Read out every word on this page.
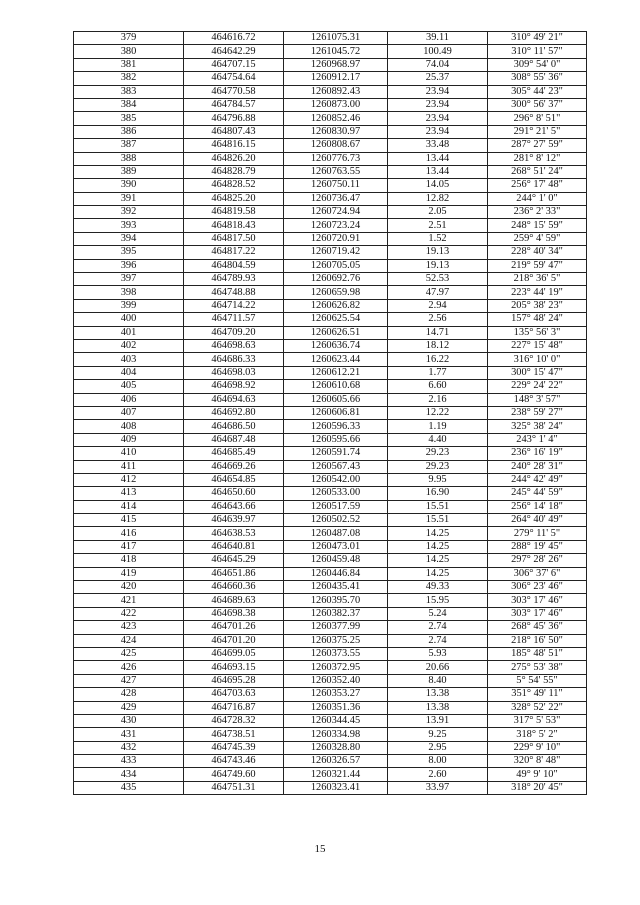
379	464616.72	1261075.31	39.11	310° 49' 21"
380	464642.29	1261045.72	100.49	310° 11' 57"
381	464707.15	1260968.97	74.04	309° 54' 0"
382	464754.64	1260912.17	25.37	308° 55' 36"
383	464770.58	1260892.43	23.94	305° 44' 23"
384	464784.57	1260873.00	23.94	300° 56' 37"
385	464796.88	1260852.46	23.94	296° 8' 51"
386	464807.43	1260830.97	23.94	291° 21' 5"
387	464816.15	1260808.67	33.48	287° 27' 59"
388	464826.20	1260776.73	13.44	281° 8' 12"
389	464828.79	1260763.55	13.44	268° 51' 24"
390	464828.52	1260750.11	14.05	256° 17' 48"
391	464825.20	1260736.47	12.82	244° 1' 0"
392	464819.58	1260724.94	2.05	236° 2' 33"
393	464818.43	1260723.24	2.51	248° 15' 59"
394	464817.50	1260720.91	1.52	259° 4' 59"
395	464817.22	1260719.42	19.13	228° 40' 34"
396	464804.59	1260705.05	19.13	219° 59' 47"
397	464789.93	1260692.76	52.53	218° 36' 5"
398	464748.88	1260659.98	47.97	223° 44' 19"
399	464714.22	1260626.82	2.94	205° 38' 23"
400	464711.57	1260625.54	2.56	157° 48' 24"
401	464709.20	1260626.51	14.71	135° 56' 3"
402	464698.63	1260636.74	18.12	227° 15' 48"
403	464686.33	1260623.44	16.22	316° 10' 0"
404	464698.03	1260612.21	1.77	300° 15' 47"
405	464698.92	1260610.68	6.60	229° 24' 22"
406	464694.63	1260605.66	2.16	148° 3' 57"
407	464692.80	1260606.81	12.22	238° 59' 27"
408	464686.50	1260596.33	1.19	325° 38' 24"
409	464687.48	1260595.66	4.40	243° 1' 4"
410	464685.49	1260591.74	29.23	236° 16' 19"
411	464669.26	1260567.43	29.23	240° 28' 31"
412	464654.85	1260542.00	9.95	244° 42' 49"
413	464650.60	1260533.00	16.90	245° 44' 59"
414	464643.66	1260517.59	15.51	256° 14' 18"
415	464639.97	1260502.52	15.51	264° 40' 49"
416	464638.53	1260487.08	14.25	279° 11' 5"
417	464640.81	1260473.01	14.25	288° 19' 45"
418	464645.29	1260459.48	14.25	297° 28' 26"
419	464651.86	1260446.84	14.25	306° 37' 6"
420	464660.36	1260435.41	49.33	306° 23' 46"
421	464689.63	1260395.70	15.95	303° 17' 46"
422	464698.38	1260382.37	5.24	303° 17' 46"
423	464701.26	1260377.99	2.74	268° 45' 36"
424	464701.20	1260375.25	2.74	218° 16' 50"
425	464699.05	1260373.55	5.93	185° 48' 51"
426	464693.15	1260372.95	20.66	275° 53' 38"
427	464695.28	1260352.40	8.40	5° 54' 55"
428	464703.63	1260353.27	13.38	351° 49' 11"
429	464716.87	1260351.36	13.38	328° 52' 22"
430	464728.32	1260344.45	13.91	317° 5' 53"
431	464738.51	1260334.98	9.25	318° 5' 2"
432	464745.39	1260328.80	2.95	229° 9' 10"
433	464743.46	1260326.57	8.00	320° 8' 48"
434	464749.60	1260321.44	2.60	49° 9' 10"
435	464751.31	1260323.41	33.97	318° 20' 45"
15
